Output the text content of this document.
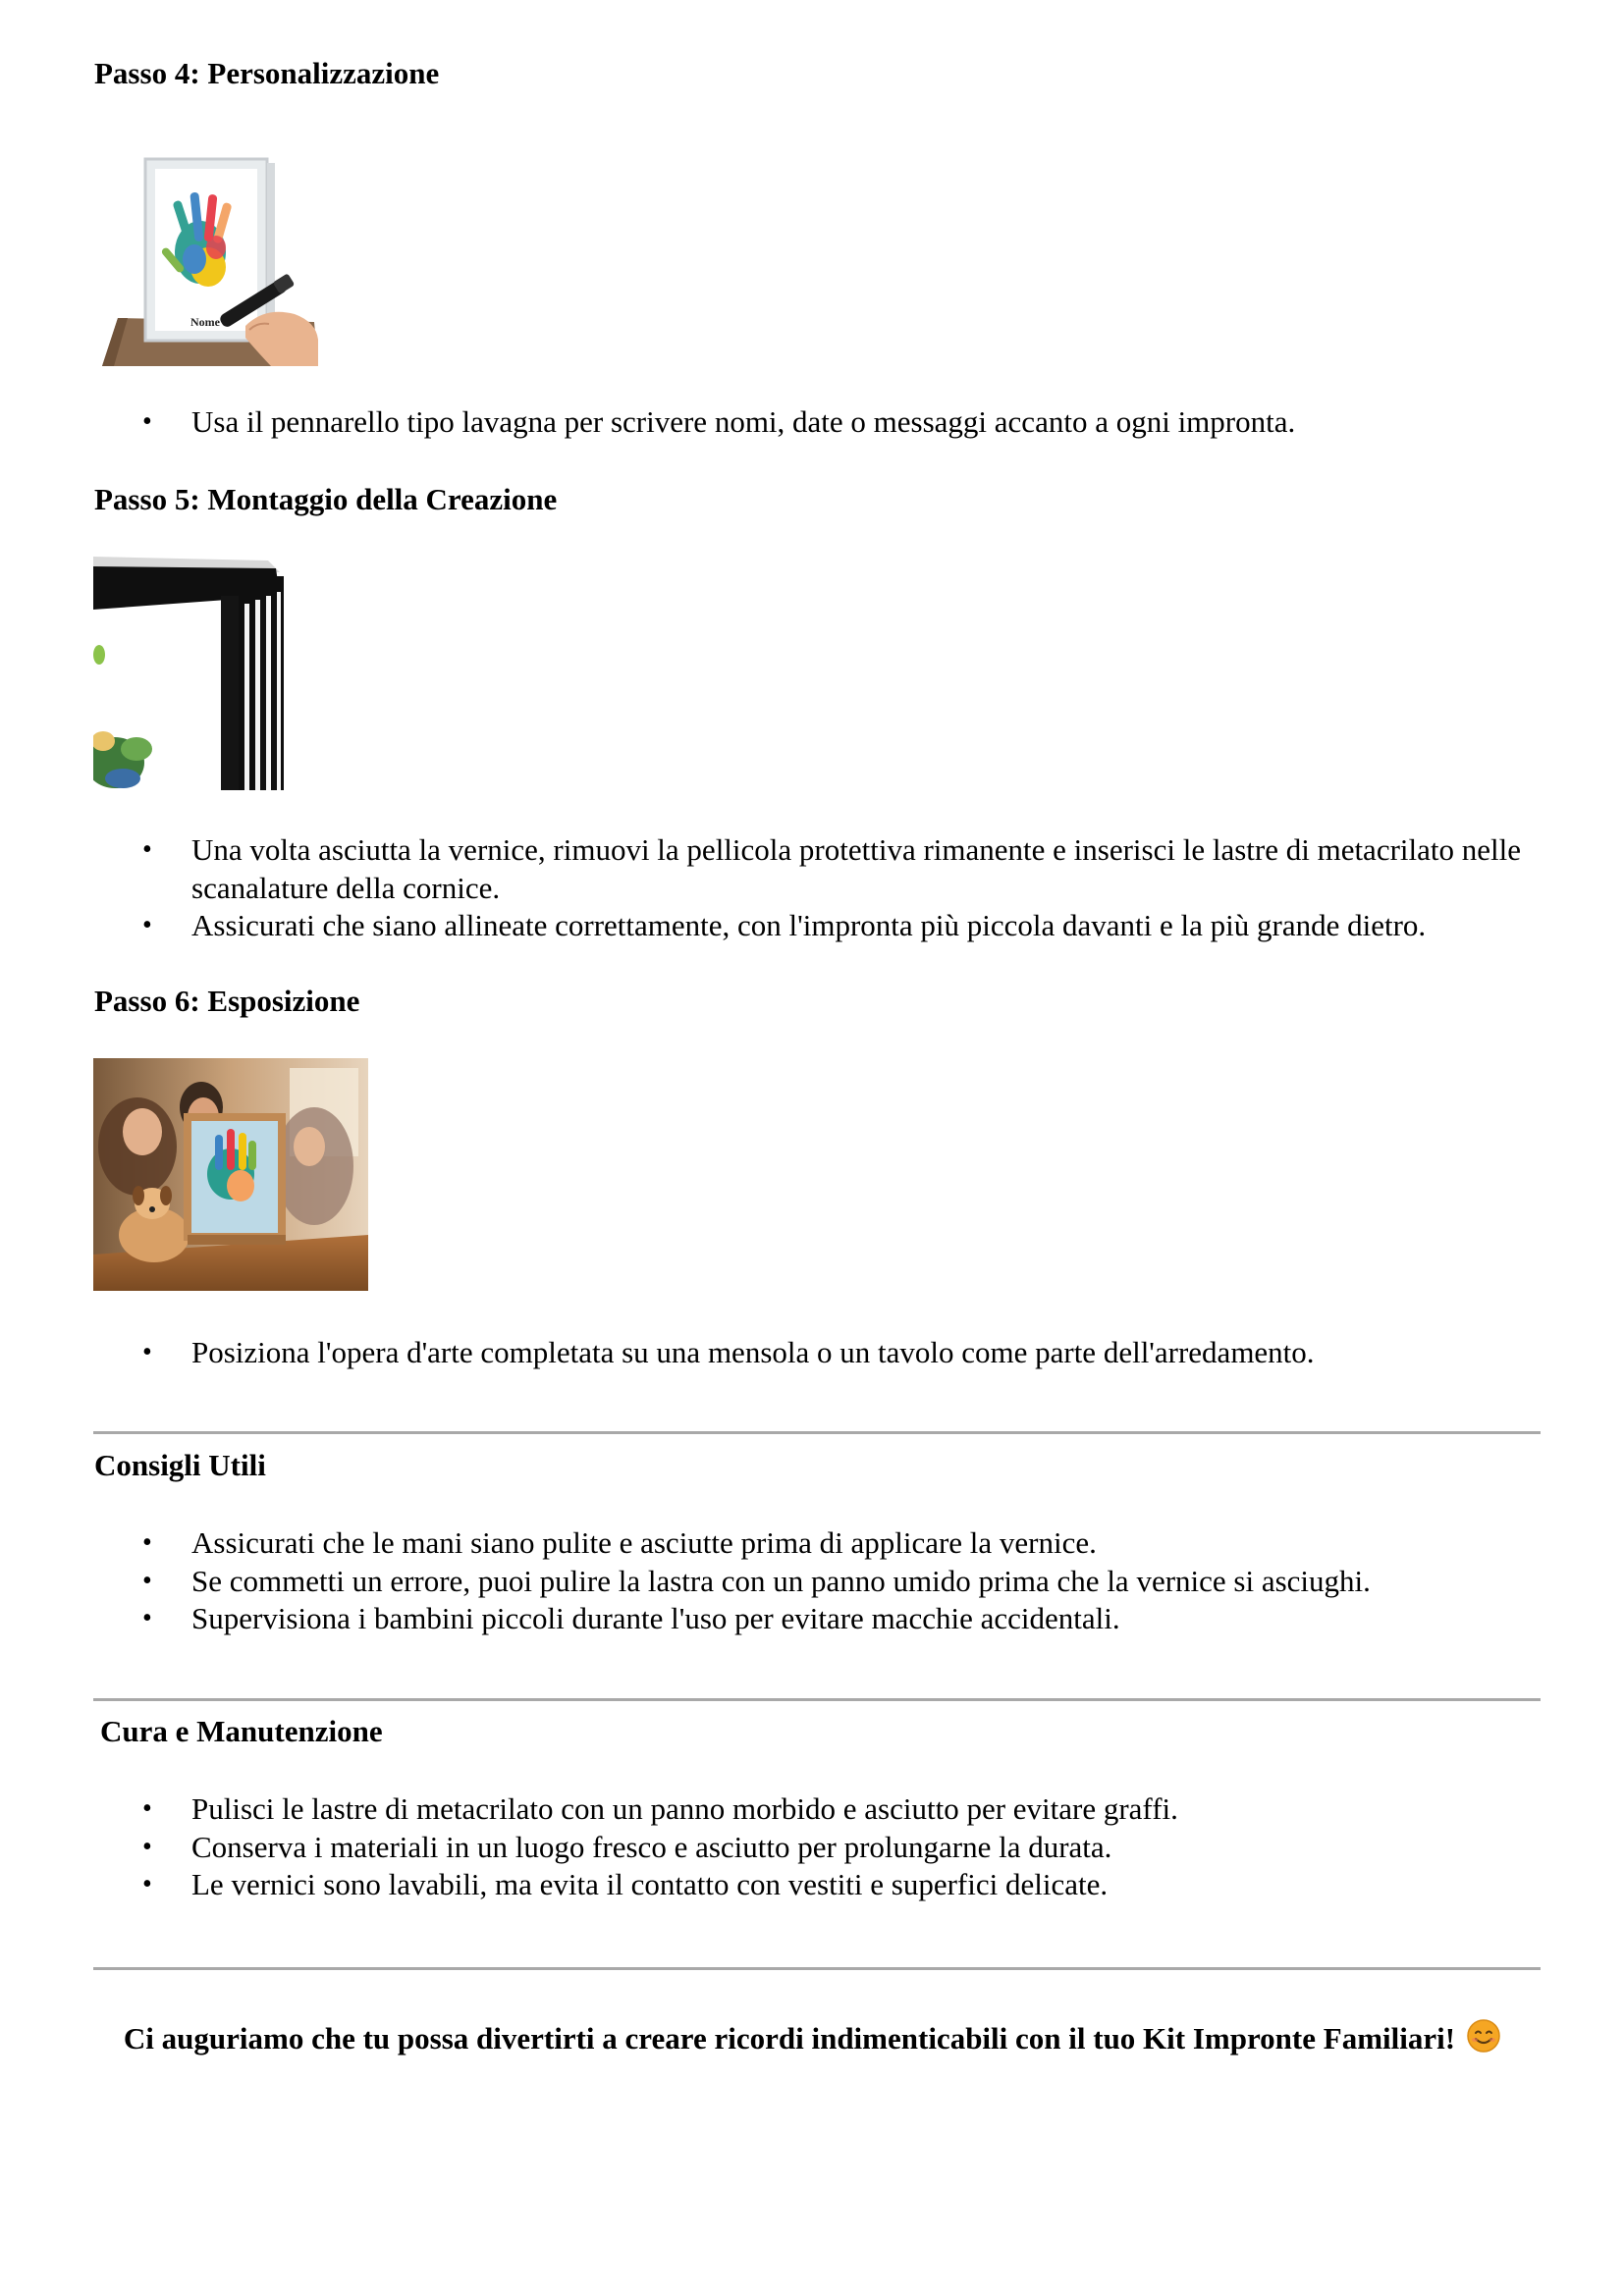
Passo 4: Personalizzazione
Nome
• Usa il pennarello tipo lavagna per scrivere nomi, date o messaggi accanto a ogni impronta.
Passo 5: Montaggio della Creazione
• Una volta asciutta la vernice, rimuovi la pellicola protettiva rimanente e inserisci le lastre di metacrilato nelle scanalature della cornice.
• Assicurati che siano allineate correttamente, con l'impronta più piccola davanti e la più grande dietro.
Passo 6: Esposizione
• Posiziona l'opera d'arte completata su una mensola o un tavolo come parte dell'arredamento.
Consigli Utili
• Assicurati che le mani siano pulite e asciutte prima di applicare la vernice.
• Se commetti un errore, puoi pulire la lastra con un panno umido prima che la vernice si asciughi.
• Supervisiona i bambini piccoli durante l'uso per evitare macchie accidentali.
Cura e Manutenzione
• Pulisci le lastre di metacrilato con un panno morbido e asciutto per evitare graffi.
• Conserva i materiali in un luogo fresco e asciutto per prolungarne la durata.
• Le vernici sono lavabili, ma evita il contatto con vestiti e superfici delicate.

Ci auguriamo che tu possa divertirti a creare ricordi indimenticabili con il tuo Kit Impronte Familiari!
